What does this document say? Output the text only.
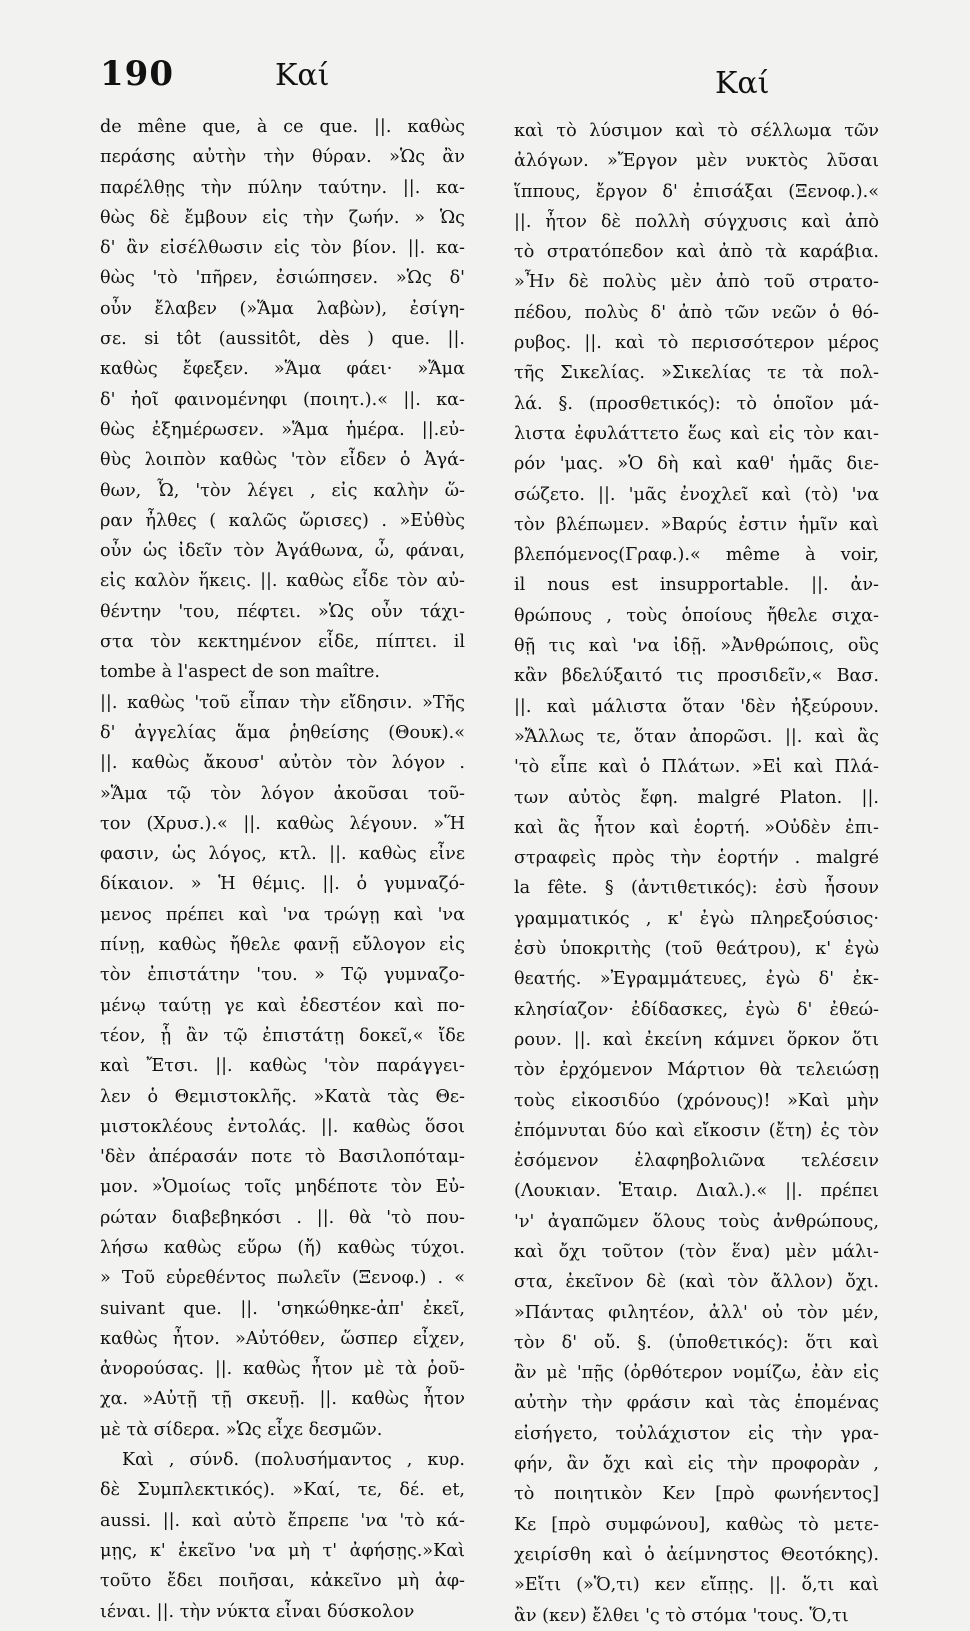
190	Καί	Καί
de mêne que, à ce que. ||. καθὼς
περάσης αὐτὴν τὴν θύραν. »Ὡς ἂν
παρέλθῃς τὴν πύλην ταύτην. ||. κα-
θὼς δὲ ἔμβουν εἰς τὴν ζωήν. » Ὡς
δ' ἂν εἰσέλθωσιν εἰς τὸν βίον. ||. κα-
θὼς 'τὸ 'πῆρεν, ἐσιώπησεν. »Ὡς δ'
οὖν ἔλαβεν (»Ἅμα λαβὼν), ἐσίγη-
σε. si tôt (aussitôt, dès ) que. ||.
καθὼς ἔφεξεν. »Ἅμα φάει· »Ἅμα
δ' ἠοῖ φαινομένηφι (ποιητ.).« ||. κα-
θὼς ἐξημέρωσεν. »Ἅμα ἡμέρα. ||.εὐ-
θὺς λοιπὸν καθὼς 'τὸν εἶδεν ὁ Ἀγά-
θων, Ὦ, 'τὸν λέγει , εἰς καλὴν ὥ-
ραν ἦλθες ( καλῶς ὥρισες) . »Εὐθὺς
οὖν ὡς ἰδεῖν τὸν Ἀγάθωνα, ὦ, φάναι,
εἰς καλὸν ἥκεις. ||. καθὼς εἶδε τὸν αὐ-
θέντην 'του, πέφτει. »Ὡς οὖν τάχι-
στα τὸν κεκτημένον εἶδε, πίπτει. il
tombe à l'aspect de son maître.
||. καθὼς 'τοῦ εἶπαν τὴν εἴδησιν. »Τῆς
δ' ἀγγελίας ἅμα ῥηθείσης (Θουκ).«
||. καθὼς ἄκουσ' αὐτὸν τὸν λόγον .
»Ἅμα τῷ τὸν λόγον ἀκοῦσαι τοῦ-
τον (Χρυσ.).« ||. καθὼς λέγουν. »Ἥ
φασιν, ὡς λόγος, κτλ. ||. καθὼς εἶνε
δίκαιον. » Ἡ θέμις. ||. ὁ γυμναζό-
μενος πρέπει καὶ 'να τρώγῃ καὶ 'να
πίνῃ, καθὼς ἤθελε φανῇ εὔλογον εἰς
τὸν ἐπιστάτην 'του. » Τῷ γυμναζο-
μένῳ ταύτῃ γε καὶ ἐδεστέον καὶ πο-
τέον, ᾗ ἂν τῷ ἐπιστάτῃ δοκεῖ,« ἴδε
καὶ Ἔτσι. ||. καθὼς 'τὸν παράγγει-
λεν ὁ Θεμιστοκλῆς. »Κατὰ τὰς Θε-
μιστοκλέους ἐντολάς. ||. καθὼς ὅσοι
'δὲν ἀπέρασάν ποτε τὸ Βασιλοπόταμ-
μον. »Ὁμοίως τοῖς μηδέποτε τὸν Εὐ-
ρώταν διαβεβηκόσι . ||. θὰ 'τὸ που-
λήσω καθὼς εὕρω (ἤ) καθὼς τύχοι.
» Τοῦ εὑρεθέντος πωλεῖν (Ξενοφ.) . «
suivant que. ||. 'σηκώθηκε-ἀπ' ἐκεῖ,
καθὼς ἦτον. »Αὐτόθεν, ὥσπερ εἶχεν,
ἀνορούσας. ||. καθὼς ἦτον μὲ τὰ ῥοῦ-
χα. »Αὐτῇ τῇ σκευῇ. ||. καθὼς ἦτον
μὲ τὰ σίδερα. »Ὡς εἶχε δεσμῶν.
Καὶ , σύνδ. (πολυσήμαντος , κυρ.
δὲ Συμπλεκτικός). »Καί, τε, δέ. et,
aussi. ||. καὶ αὐτὸ ἔπρεπε 'να 'τὸ κά-
μῃς, κ' ἐκεῖνο 'να μὴ τ' ἀφήσῃς.»Καὶ
τοῦτο ἔδει ποιῆσαι, κἀκεῖνο μὴ ἀφ-
ιέναι. ||. τὴν νύκτα εἶναι δύσκολον
καὶ τὸ λύσιμον καὶ τὸ σέλλωμα τῶν
ἀλόγων. »Ἔργον μὲν νυκτὸς λῦσαι
ἵππους, ἔργον δ' ἐπισάξαι (Ξενοφ.).«
||. ἦτον δὲ πολλὴ σύγχυσις καὶ ἀπὸ
τὸ στρατόπεδον καὶ ἀπὸ τὰ καράβια.
»Ἦν δὲ πολὺς μὲν ἀπὸ τοῦ στρατο-
πέδου, πολὺς δ' ἀπὸ τῶν νεῶν ὁ θό-
ρυβος. ||. καὶ τὸ περισσότερον μέρος
τῆς Σικελίας. »Σικελίας τε τὰ πολ-
λά. §. (προσθετικός): τὸ ὁποῖον μά-
λιστα ἐφυλάττετο ἕως καὶ εἰς τὸν και-
ρόν 'μας. »Ὁ δὴ καὶ καθ' ἡμᾶς διε-
σώζετο. ||. 'μᾶς ἐνοχλεῖ καὶ (τὸ) 'να
τὸν βλέπωμεν. »Βαρύς ἐστιν ἡμῖν καὶ
βλεπόμενος(Γραφ.).« même à voir,
il nous est insupportable. ||. ἀν-
θρώπους , τοὺς ὁποίους ἤθελε σιχα-
θῇ τις καὶ 'να ἰδῇ. »Ἀνθρώποις, οὓς
κἂν βδελύξαιτό τις προσιδεῖν,« Βασ.
||. καὶ μάλιστα ὅταν 'δὲν ἠξεύρουν.
»Ἄλλως τε, ὅταν ἀπορῶσι. ||. καὶ ἂς
'τὸ εἶπε καὶ ὁ Πλάτων. »Εἰ καὶ Πλά-
των αὐτὸς ἔφη. malgré Platon. ||.
καὶ ἂς ἦτον καὶ ἑορτή. »Οὐδὲν ἐπι-
στραφεὶς πρὸς τὴν ἑορτήν . malgré
la fête. § (ἀντιθετικός): ἐσὺ ἦσουν
γραμματικός , κ' ἐγὼ πληρεξούσιος·
ἐσὺ ὑποκριτὴς (τοῦ θεάτρου), κ' ἐγὼ
θεατής. »Ἐγραμμάτευες, ἐγὼ δ' ἐκ-
κλησίαζον· ἐδίδασκες, ἐγὼ δ' ἐθεώ-
ρουν. ||. καὶ ἐκείνη κάμνει ὅρκον ὅτι
τὸν ἐρχόμενον Μάρτιον θὰ τελειώσῃ
τοὺς εἰκοσιδύο (χρόνους)! »Καὶ μὴν
ἐπόμνυται δύο καὶ εἴκοσιν (ἔτη) ἐς τὸν
ἐσόμενον ἐλαφηβολιῶνα τελέσειν
(Λουκιαν. Ἑταιρ. Διαλ.).« ||. πρέπει
'ν' ἀγαπῶμεν ὅλους τοὺς ἀνθρώπους,
καὶ ὄχι τοῦτον (τὸν ἕνα) μὲν μάλι-
στα, ἐκεῖνον δὲ (καὶ τὸν ἄλλον) ὄχι.
»Πάντας φιλητέον, ἀλλ' οὐ τὸν μέν,
τὸν δ' οὔ. §. (ὑποθετικός): ὅτι καὶ
ἂν μὲ 'πῇς (ὀρθότερον νομίζω, ἐὰν εἰς
αὐτὴν τὴν φράσιν καὶ τὰς ἑπομένας
εἰσήγετο, τοὐλάχιστον εἰς τὴν γρα-
φήν, ἂν ὄχι καὶ εἰς τὴν προφορὰν ,
τὸ ποιητικὸν Κεν [πρὸ φωνήεντος]
Κε [πρὸ συμφώνου], καθὼς τὸ μετε-
χειρίσθη καὶ ὁ ἀείμνηστος Θεοτόκης).
»Εἴτι (»Ὅ,τι) κεν εἴπῃς. ||. ὅ,τι καὶ
ἂν (κεν) ἔλθει 'ς τὸ στόμα 'τους. Ὅ,τι
